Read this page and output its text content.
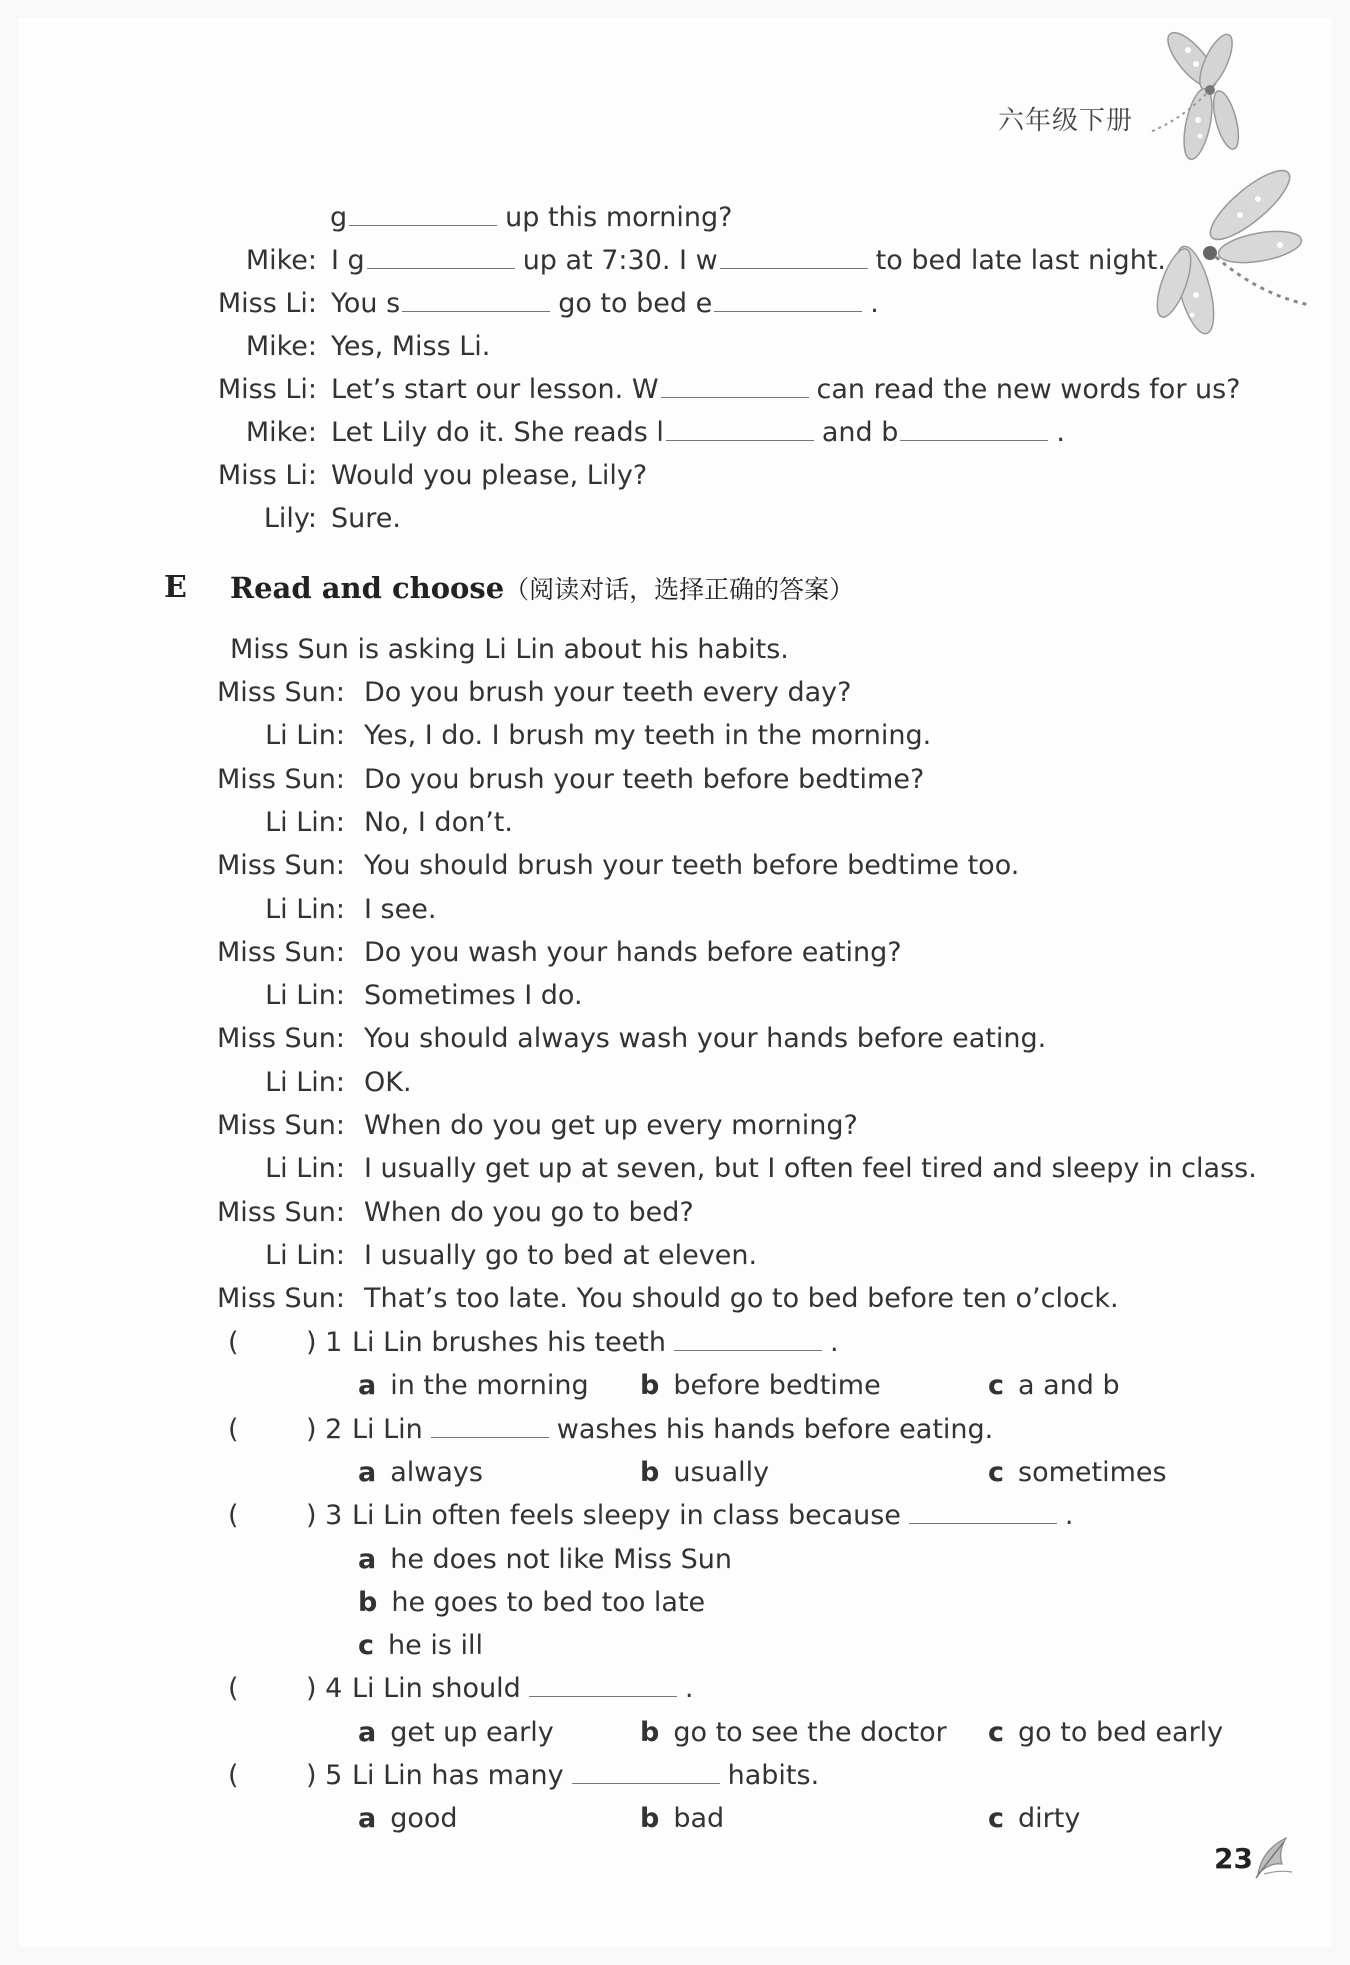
六年级下册
g	up this morning?
Mike: I g	up at 7:30. I w	to bed late last night.
Miss Li: You s	go to bed e	.
Mike: Yes, Miss Li.
Miss Li: Let’s start our lesson. W	can read the new words for us?
Mike: Let Lily do it. She reads l	and b	.
Miss Li: Would you please, Lily?
Lily: Sure.
E Read and choose（阅读对话，选择正确的答案）
Miss Sun is asking Li Lin about his habits.
Miss Sun: Do you brush your teeth every day?
Li Lin: Yes, I do. I brush my teeth in the morning.
Miss Sun: Do you brush your teeth before bedtime?
Li Lin: No, I don’t.
Miss Sun: You should brush your teeth before bedtime too.
Li Lin: I see.
Miss Sun: Do you wash your hands before eating?
Li Lin: Sometimes I do.
Miss Sun: You should always wash your hands before eating.
Li Lin: OK.
Miss Sun: When do you get up every morning?
Li Lin: I usually get up at seven, but I often feel tired and sleepy in class.
Miss Sun: When do you go to bed?
Li Lin: I usually go to bed at eleven.
Miss Sun: That’s too late. You should go to bed before ten o’clock.
( ) 1 Li Lin brushes his teeth	.
a in the morning b before bedtime	c a and b
( ) 2 Li Lin	washes his hands before eating.
a always	b usually	c sometimes
( ) 3 Li Lin often feels sleepy in class because	.
a he does not like Miss Sun
b he goes to bed too late
c he is ill
( ) 4 Li Lin should	.
a get up early	b go to see the doctor c go to bed early
( ) 5 Li Lin has many	habits.
a good	b bad	c dirty
23
